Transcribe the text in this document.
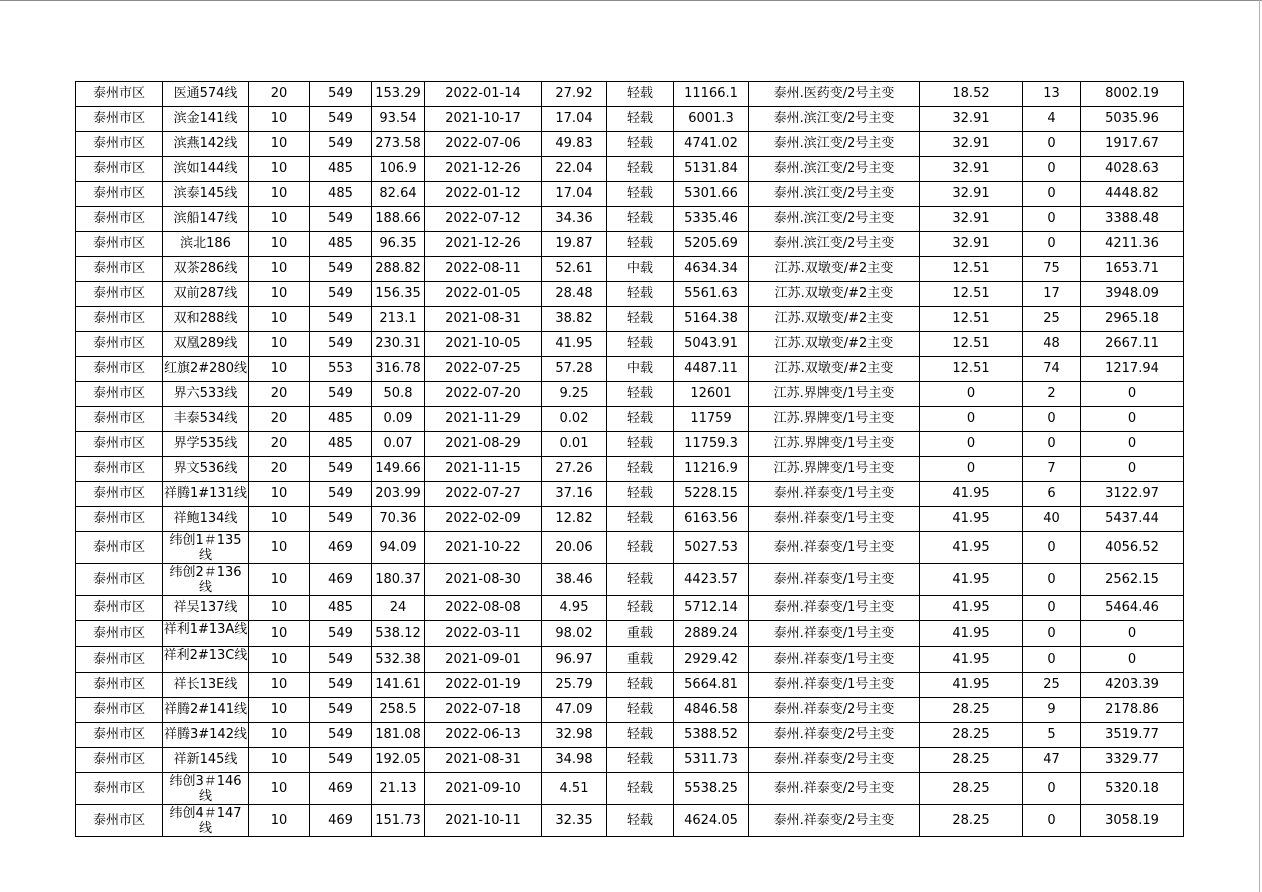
泰州市区	医通574线	20	549	153.29	2022-01-14	27.92	轻载	11166.1	泰州.医药变/2号主变	18.52	13	8002.19
泰州市区	滨金141线	10	549	93.54	2021-10-17	17.04	轻载	6001.3	泰州.滨江变/2号主变	32.91	4	5035.96
泰州市区	滨燕142线	10	549	273.58	2022-07-06	49.83	轻载	4741.02	泰州.滨江变/2号主变	32.91	0	1917.67
泰州市区	滨如144线	10	485	106.9	2021-12-26	22.04	轻载	5131.84	泰州.滨江变/2号主变	32.91	0	4028.63
泰州市区	滨泰145线	10	485	82.64	2022-01-12	17.04	轻载	5301.66	泰州.滨江变/2号主变	32.91	0	4448.82
泰州市区	滨船147线	10	549	188.66	2022-07-12	34.36	轻载	5335.46	泰州.滨江变/2号主变	32.91	0	3388.48
泰州市区	滨北186	10	485	96.35	2021-12-26	19.87	轻载	5205.69	泰州.滨江变/2号主变	32.91	0	4211.36
泰州市区	双茶286线	10	549	288.82	2022-08-11	52.61	中载	4634.34	江苏.双墩变/#2主变	12.51	75	1653.71
泰州市区	双前287线	10	549	156.35	2022-01-05	28.48	轻载	5561.63	江苏.双墩变/#2主变	12.51	17	3948.09
泰州市区	双和288线	10	549	213.1	2021-08-31	38.82	轻载	5164.38	江苏.双墩变/#2主变	12.51	25	2965.18
泰州市区	双凰289线	10	549	230.31	2021-10-05	41.95	轻载	5043.91	江苏.双墩变/#2主变	12.51	48	2667.11
泰州市区	红旗2#280线	10	553	316.78	2022-07-25	57.28	中载	4487.11	江苏.双墩变/#2主变	12.51	74	1217.94
泰州市区	界六533线	20	549	50.8	2022-07-20	9.25	轻载	12601	江苏.界牌变/1号主变	0	2	0
泰州市区	丰泰534线	20	485	0.09	2021-11-29	0.02	轻载	11759	江苏.界牌变/1号主变	0	0	0
泰州市区	界学535线	20	485	0.07	2021-08-29	0.01	轻载	11759.3	江苏.界牌变/1号主变	0	0	0
泰州市区	界文536线	20	549	149.66	2021-11-15	27.26	轻载	11216.9	江苏.界牌变/1号主变	0	7	0
泰州市区	祥腾1#131线	10	549	203.99	2022-07-27	37.16	轻载	5228.15	泰州.祥泰变/1号主变	41.95	6	3122.97
泰州市区	祥鲍134线	10	549	70.36	2022-02-09	12.82	轻载	6163.56	泰州.祥泰变/1号主变	41.95	40	5437.44
泰州市区	纬创1＃135线	10	469	94.09	2021-10-22	20.06	轻载	5027.53	泰州.祥泰变/1号主变	41.95	0	4056.52
泰州市区	纬创2＃136线	10	469	180.37	2021-08-30	38.46	轻载	4423.57	泰州.祥泰变/1号主变	41.95	0	2562.15
泰州市区	祥吴137线	10	485	24	2022-08-08	4.95	轻载	5712.14	泰州.祥泰变/1号主变	41.95	0	5464.46
泰州市区	祥利1#13A线	10	549	538.12	2022-03-11	98.02	重载	2889.24	泰州.祥泰变/1号主变	41.95	0	0
泰州市区	祥利2#13C线	10	549	532.38	2021-09-01	96.97	重载	2929.42	泰州.祥泰变/1号主变	41.95	0	0
泰州市区	祥长13E线	10	549	141.61	2022-01-19	25.79	轻载	5664.81	泰州.祥泰变/1号主变	41.95	25	4203.39
泰州市区	祥腾2#141线	10	549	258.5	2022-07-18	47.09	轻载	4846.58	泰州.祥泰变/2号主变	28.25	9	2178.86
泰州市区	祥腾3#142线	10	549	181.08	2022-06-13	32.98	轻载	5388.52	泰州.祥泰变/2号主变	28.25	5	3519.77
泰州市区	祥新145线	10	549	192.05	2021-08-31	34.98	轻载	5311.73	泰州.祥泰变/2号主变	28.25	47	3329.77
泰州市区	纬创3＃146线	10	469	21.13	2021-09-10	4.51	轻载	5538.25	泰州.祥泰变/2号主变	28.25	0	5320.18
泰州市区	纬创4＃147线	10	469	151.73	2021-10-11	32.35	轻载	4624.05	泰州.祥泰变/2号主变	28.25	0	3058.19
